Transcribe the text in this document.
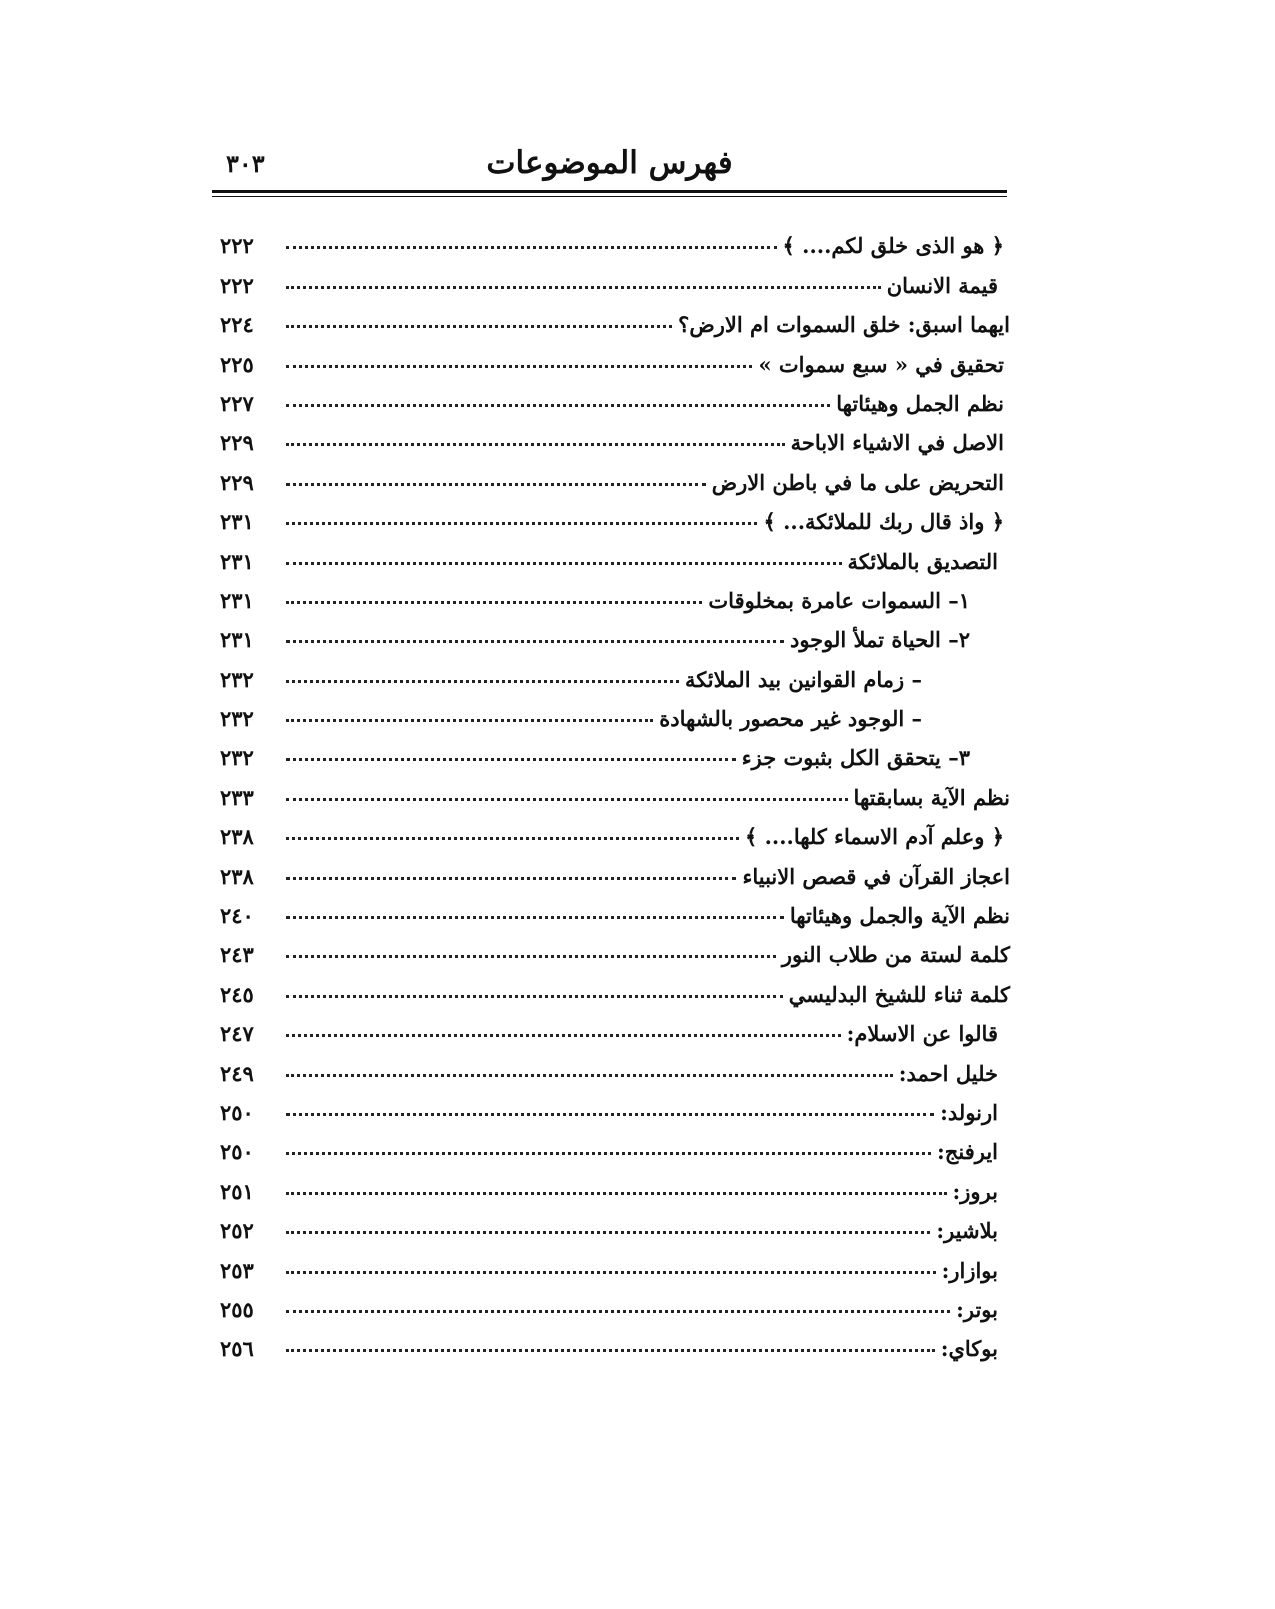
فهرس الموضوعات
٣٠٣
﴿ هو الذى خلق لكم.... ﴾
٢٢٢
قيمة الانسان
٢٢٢
ايهما اسبق: خلق السموات ام الارض؟
٢٢٤
تحقيق في « سبع سموات »
٢٢٥
نظم الجمل وهيئاتها
٢٢٧
الاصل في الاشياء الاباحة
٢٢٩
التحريض على ما في باطن الارض
٢٢٩
﴿ واذ قال ربك للملائكة... ﴾
٢٣١
التصديق بالملائكة
٢٣١
١– السموات عامرة بمخلوقات
٢٣١
٢– الحياة تملأ الوجود
٢٣١
– زمام القوانين بيد الملائكة
٢٣٢
– الوجود غير محصور بالشهادة
٢٣٢
٣– يتحقق الكل بثبوت جزء
٢٣٢
نظم الآية بسابقتها
٢٣٣
﴿ وعلم آدم الاسماء كلها.... ﴾
٢٣٨
اعجاز القرآن في قصص الانبياء
٢٣٨
نظم الآية والجمل وهيئاتها
٢٤٠
كلمة لستة من طلاب النور
٢٤٣
كلمة ثناء للشيخ البدليسي
٢٤٥
قالوا عن الاسلام:
٢٤٧
خليل احمد:
٢٤٩
ارنولد:
٢٥٠
ايرفنج:
٢٥٠
بروز:
٢٥١
بلاشير:
٢٥٢
بوازار:
٢٥٣
بوتر:
٢٥٥
بوكاي:
٢٥٦
